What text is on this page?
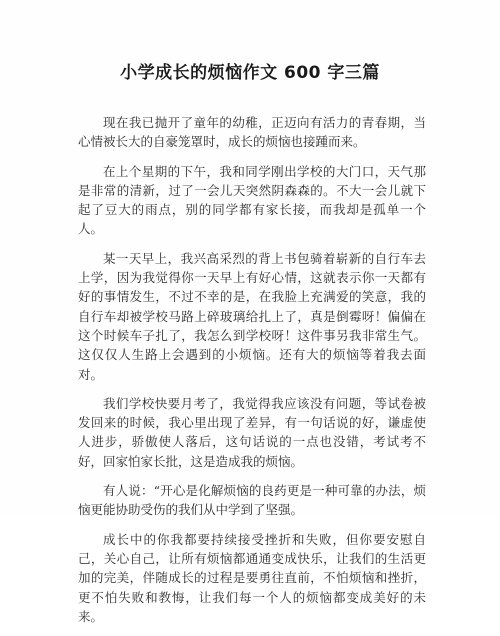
小学成长的烦恼作文 600 字三篇

现在我已抛开了童年的幼稚，正迈向有活力的青春期，当心情被长大的自豪笼罩时，成长的烦恼也接踵而来。

在上个星期的下午，我和同学刚出学校的大门口，天气那是非常的清新，过了一会儿天突然阴森森的。不大一会儿就下起了豆大的雨点，别的同学都有家长接，而我却是孤单一个人。

某一天早上，我兴高采烈的背上书包骑着崭新的自行车去上学，因为我觉得你一天早上有好心情，这就表示你一天都有好的事情发生，不过不幸的是，在我脸上充满爱的笑意，我的自行车却被学校马路上碎玻璃给扎上了，真是倒霉呀！偏偏在这个时候车子扎了，我怎么到学校呀！这件事另我非常生气。这仅仅人生路上会遇到的小烦恼。还有大的烦恼等着我去面对。

我们学校快要月考了，我觉得我应该没有问题，等试卷被发回来的时候，我心里出现了差异，有一句话说的好，谦虚使人进步，骄傲使人落后，这句话说的一点也没错，考试考不好，回家怕家长批，这是造成我的烦恼。

有人说：“开心是化解烦恼的良药更是一种可靠的办法，烦恼更能协助受伤的我们从中学到了坚强。

成长中的你我都要持续接受挫折和失败，但你要安慰自己，关心自己，让所有烦恼都通通变成快乐，让我们的生活更加的完美，伴随成长的过程是要勇往直前，不怕烦恼和挫折，更不怕失败和教悔，让我们每一个人的烦恼都变成美好的未来。
